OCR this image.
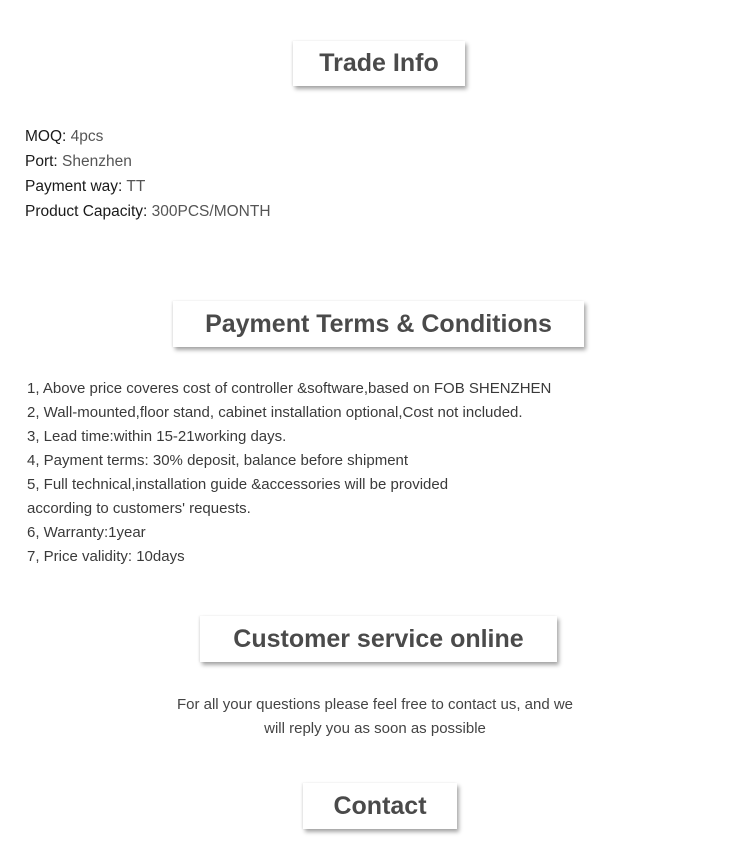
Trade Info
MOQ: 4pcs
Port: Shenzhen
Payment way: TT
Product Capacity: 300PCS/MONTH
Payment Terms & Conditions
1, Above price coveres cost of controller &software,based on FOB SHENZHEN
2, Wall-mounted,floor stand, cabinet installation optional,Cost not included.
3, Lead time:within 15-21working days.
4, Payment terms: 30% deposit, balance before shipment
5, Full technical,installation guide &accessories will be provided
according to customers' requests.
6, Warranty:1year
7, Price validity: 10days
Customer service online
For all your questions please feel free to contact us, and we
will reply you as soon as possible
Contact
